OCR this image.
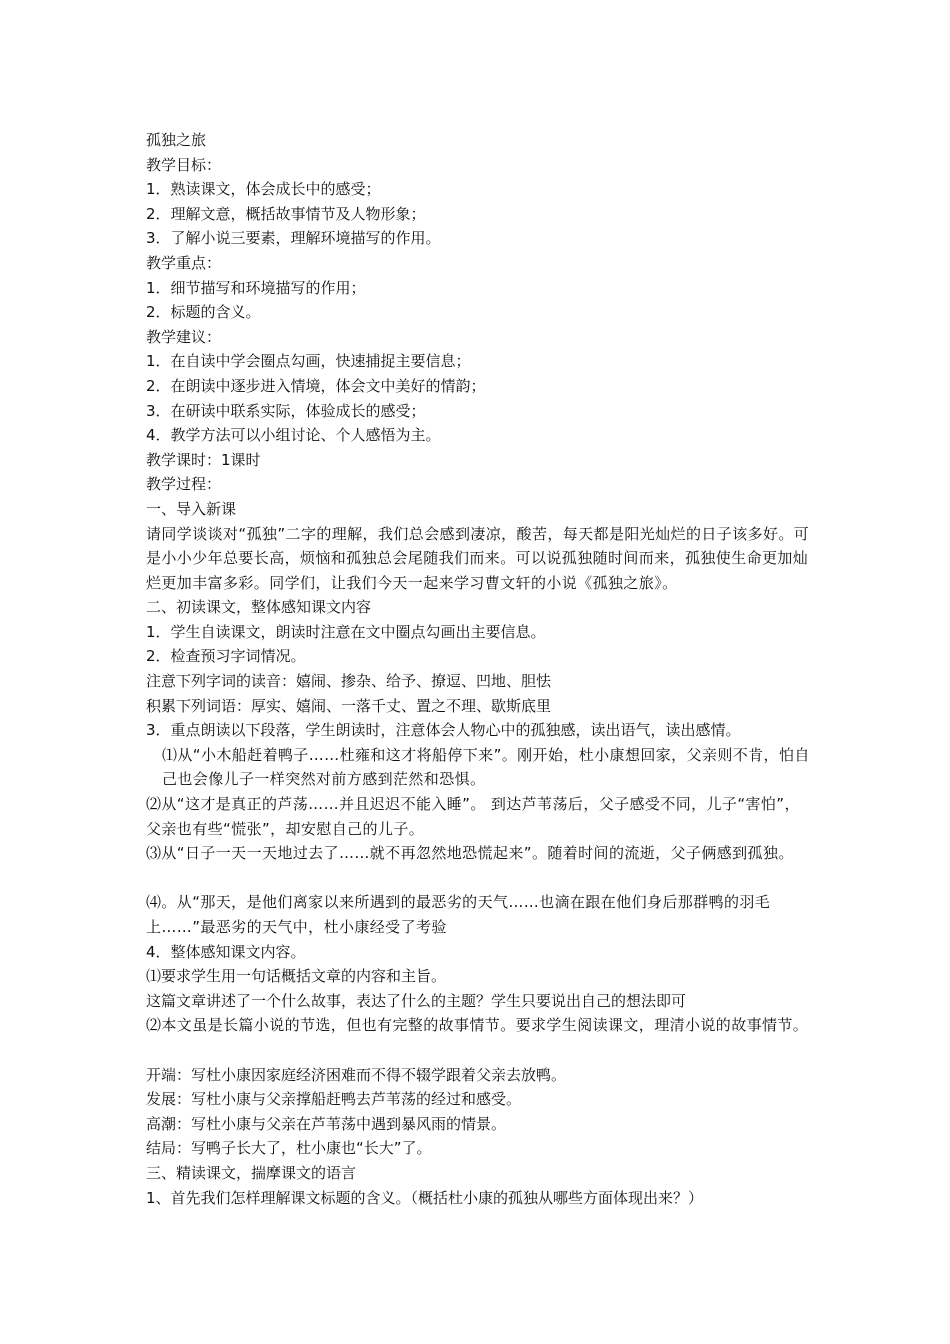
孤独之旅
教学目标：
1．熟读课文，体会成长中的感受；
2．理解文意，概括故事情节及人物形象；
3．了解小说三要素，理解环境描写的作用。
教学重点：
1．细节描写和环境描写的作用；
2．标题的含义。
教学建议：
1．在自读中学会圈点勾画，快速捕捉主要信息；
2．在朗读中逐步进入情境，体会文中美好的情韵；
3．在研读中联系实际，体验成长的感受；
4．教学方法可以小组讨论、个人感悟为主。
教学课时：1课时
教学过程：
一、导入新课

请同学谈谈对“孤独”二字的理解，我们总会感到凄凉，酸苦，每天都是阳光灿烂的日子该多好。可是小小少年总要长高，烦恼和孤独总会尾随我们而来。可以说孤独随时间而来，孤独使生命更加灿烂更加丰富多彩。同学们，让我们今天一起来学习曹文轩的小说《孤独之旅》。

二、初读课文，整体感知课文内容
1．学生自读课文，朗读时注意在文中圈点勾画出主要信息。
2．检查预习字词情况。
注意下列字词的读音：嬉闹、掺杂、给予、撩逗、凹地、胆怯
积累下列词语：厚实、嬉闹、一落千丈、置之不理、歇斯底里
3．重点朗读以下段落，学生朗读时，注意体会人物心中的孤独感，读出语气，读出感情。

⑴从“小木船赶着鸭子……杜雍和这才将船停下来”。刚开始，杜小康想回家，父亲则不肯，怕自己也会像儿子一样突然对前方感到茫然和恐惧。

⑵从“这才是真正的芦荡……并且迟迟不能入睡”。 到达芦苇荡后，父子感受不同，儿子“害怕”，父亲也有些“慌张”，却安慰自己的儿子。

⑶从“日子一天一天地过去了……就不再忽然地恐慌起来”。随着时间的流逝，父子俩感到孤独。

⑷。从“那天，是他们离家以来所遇到的最恶劣的天气……也滴在跟在他们身后那群鸭的羽毛上……”最恶劣的天气中，杜小康经受了考验

4．整体感知课文内容。
⑴要求学生用一句话概括文章的内容和主旨。
这篇文章讲述了一个什么故事，表达了什么的主题？学生只要说出自己的想法即可

⑵本文虽是长篇小说的节选，但也有完整的故事情节。要求学生阅读课文，理清小说的故事情节。

开端：写杜小康因家庭经济困难而不得不辍学跟着父亲去放鸭。
发展：写杜小康与父亲撑船赶鸭去芦苇荡的经过和感受。
高潮：写杜小康与父亲在芦苇荡中遇到暴风雨的情景。
结局：写鸭子长大了，杜小康也“长大”了。
三、精读课文，揣摩课文的语言
1、首先我们怎样理解课文标题的含义。（概括杜小康的孤独从哪些方面体现出来？）
